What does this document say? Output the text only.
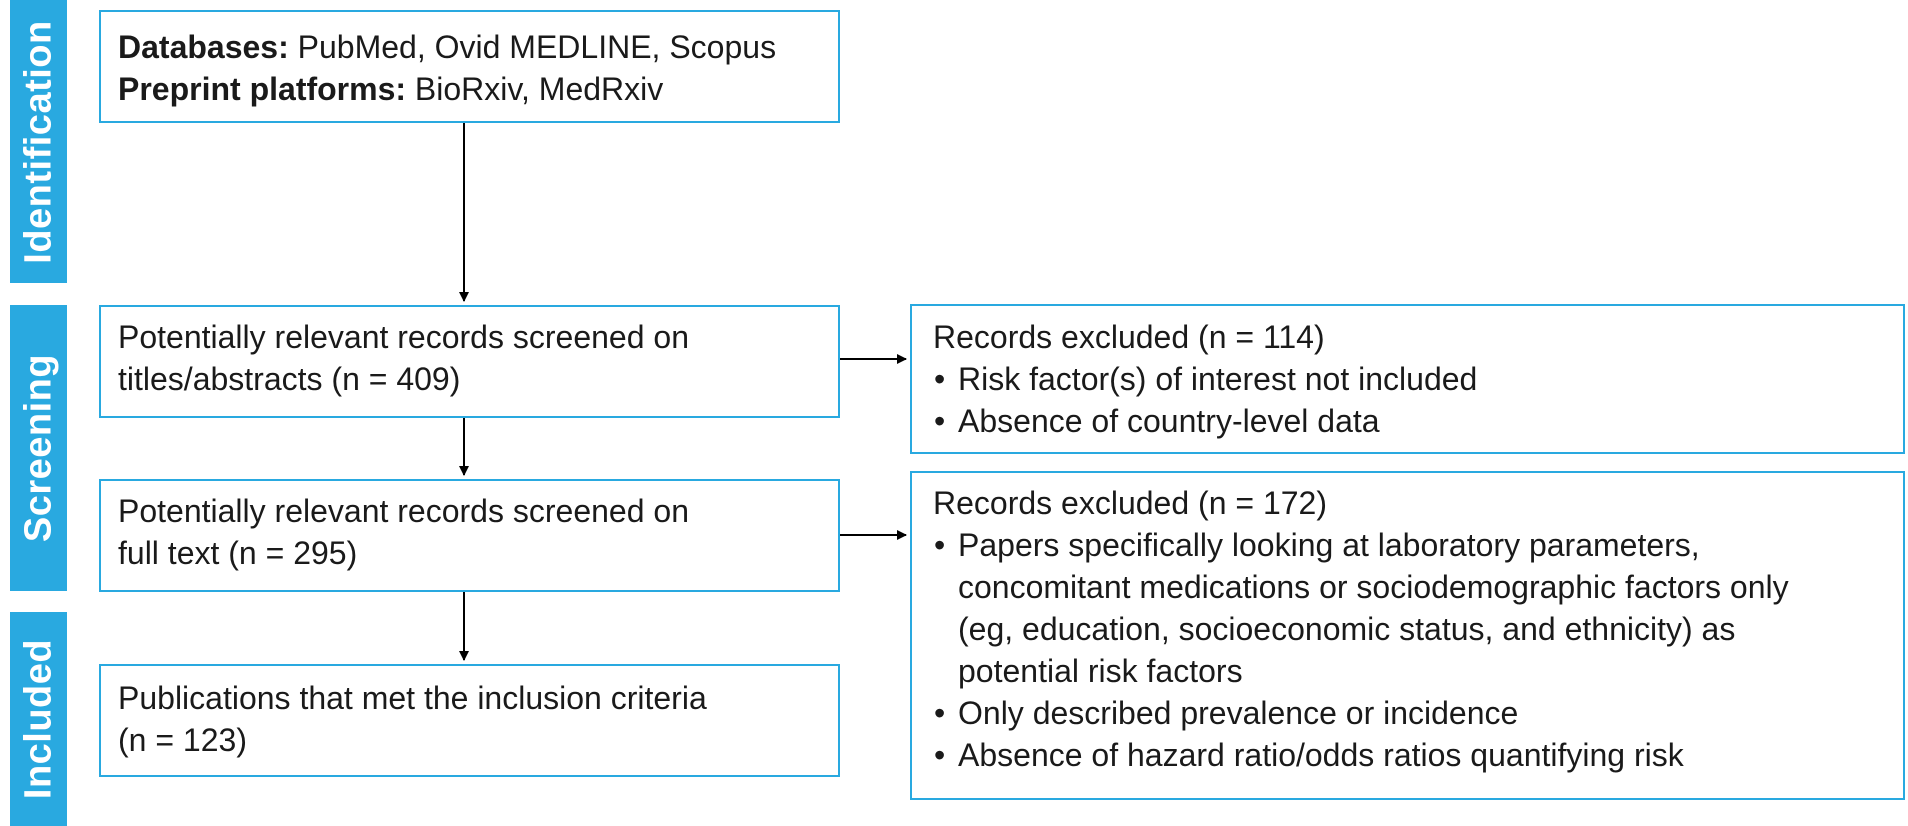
Identification
Screening
Included
Databases: PubMed, Ovid MEDLINE, Scopus
Preprint platforms: BioRxiv, MedRxiv
Potentially relevant records screened on
titles/abstracts (n = 409)
Potentially relevant records screened on
full text (n = 295)
Publications that met the inclusion criteria
(n = 123)
Records excluded (n = 114)
• Risk factor(s) of interest not included
• Absence of country-level data
Records excluded (n = 172)
• Papers specifically looking at laboratory parameters,
concomitant medications or sociodemographic factors only
(eg, education, socioeconomic status, and ethnicity) as
potential risk factors
• Only described prevalence or incidence
• Absence of hazard ratio/odds ratios quantifying risk
